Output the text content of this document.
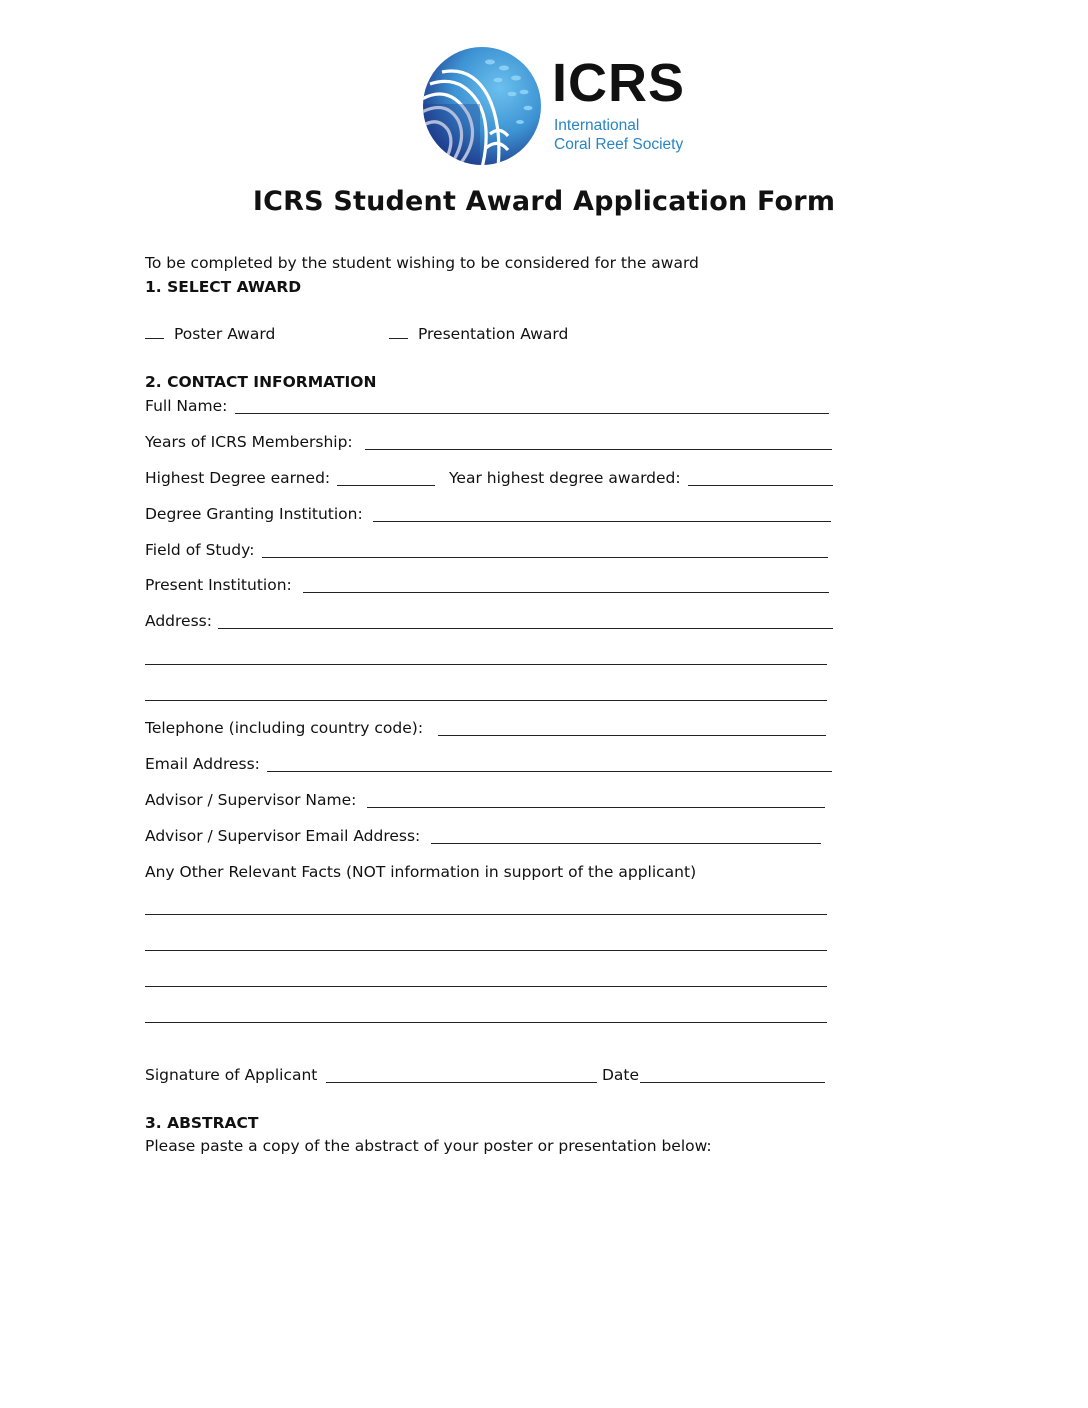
ICRS
International
Coral Reef Society
ICRS Student Award Application Form
To be completed by the student wishing to be considered for the award
1. SELECT AWARD
Poster Award	Presentation Award
2. CONTACT INFORMATION
Full Name:
Years of ICRS Membership:
Highest Degree earned:	Year highest degree awarded:
Degree Granting Institution:
Field of Study:
Present Institution:
Address:
Telephone (including country code):
Email Address:
Advisor / Supervisor Name:
Advisor / Supervisor Email Address:
Any Other Relevant Facts (NOT information in support of the applicant)
Signature of Applicant	Date
3. ABSTRACT
Please paste a copy of the abstract of your poster or presentation below:
